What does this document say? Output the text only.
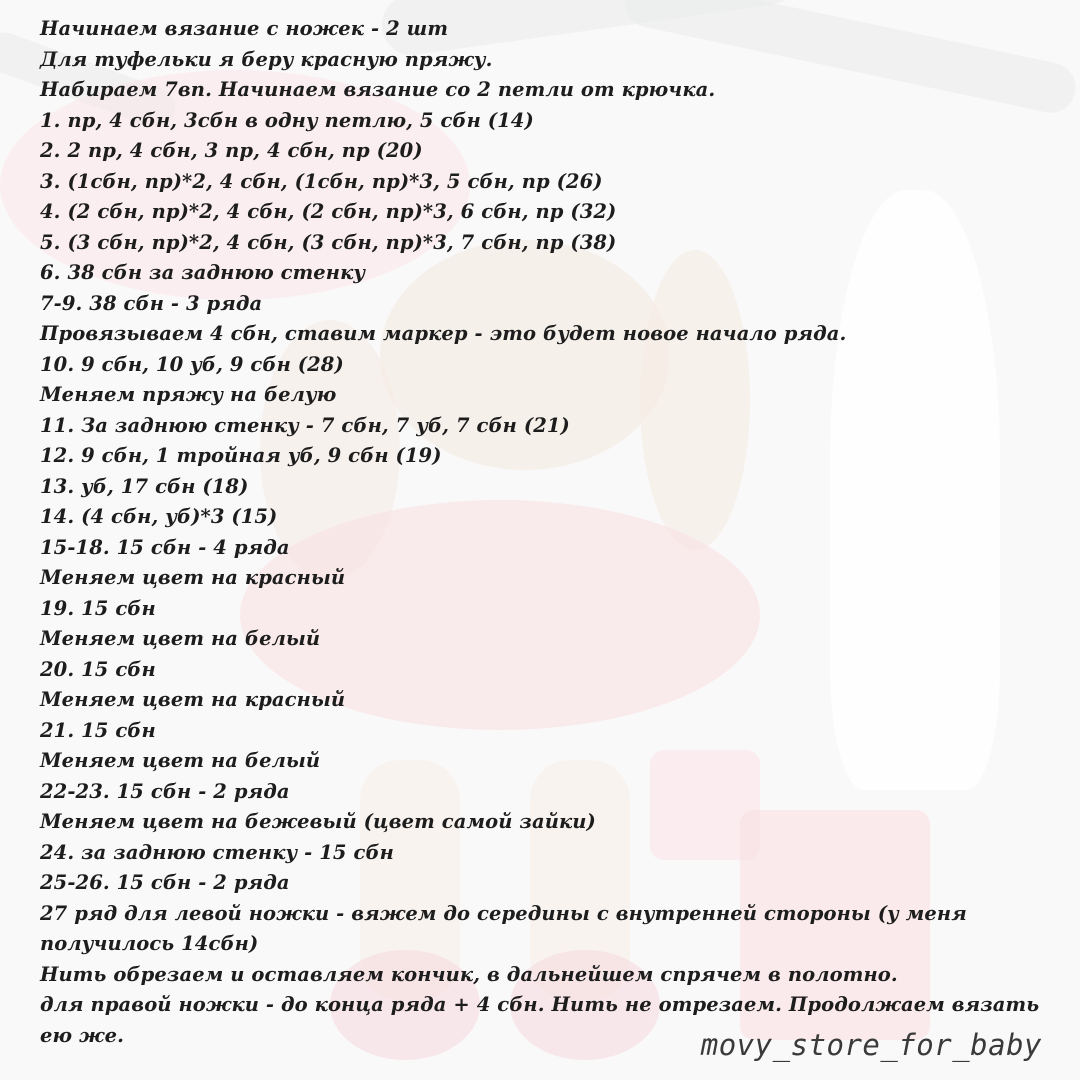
Начинаем вязание с ножек - 2 шт
Для туфельки я беру красную пряжу.
Набираем 7вп. Начинаем вязание со 2 петли от крючка.
1. пр, 4 сбн, 3сбн в одну петлю, 5 сбн (14)
2. 2 пр, 4 сбн, 3 пр, 4 сбн, пр (20)
3. (1сбн, пр)*2, 4 сбн, (1сбн, пр)*3, 5 сбн, пр (26)
4. (2 сбн, пр)*2, 4 сбн, (2 сбн, пр)*3, 6 сбн, пр (32)
5. (3 сбн, пр)*2, 4 сбн, (3 сбн, пр)*3, 7 сбн, пр (38)
6. 38 сбн за заднюю стенку
7-9. 38 сбн - 3 ряда
Провязываем 4 сбн, ставим маркер - это будет новое начало ряда.
10. 9 сбн, 10 уб, 9 сбн (28)
Меняем пряжу на белую
11. За заднюю стенку - 7 сбн, 7 уб, 7 сбн (21)
12. 9 сбн, 1 тройная уб, 9 сбн (19)
13. уб, 17 сбн (18)
14. (4 сбн, уб)*3 (15)
15-18. 15 сбн - 4 ряда
Меняем цвет на красный
19. 15 сбн
Меняем цвет на белый
20. 15 сбн
Меняем цвет на красный
21. 15 сбн
Меняем цвет на белый
22-23. 15 сбн - 2 ряда
Меняем цвет на бежевый (цвет самой зайки)
24. за заднюю стенку - 15 сбн
25-26. 15 сбн - 2 ряда
27 ряд для левой ножки - вяжем до середины с внутренней стороны (у меня
получилось 14сбн)
Нить обрезаем и оставляем кончик, в дальнейшем спрячем в полотно.
для правой ножки - до конца ряда + 4 сбн. Нить не отрезаем. Продолжаем вязать
ею же.	movy_store_for_baby
